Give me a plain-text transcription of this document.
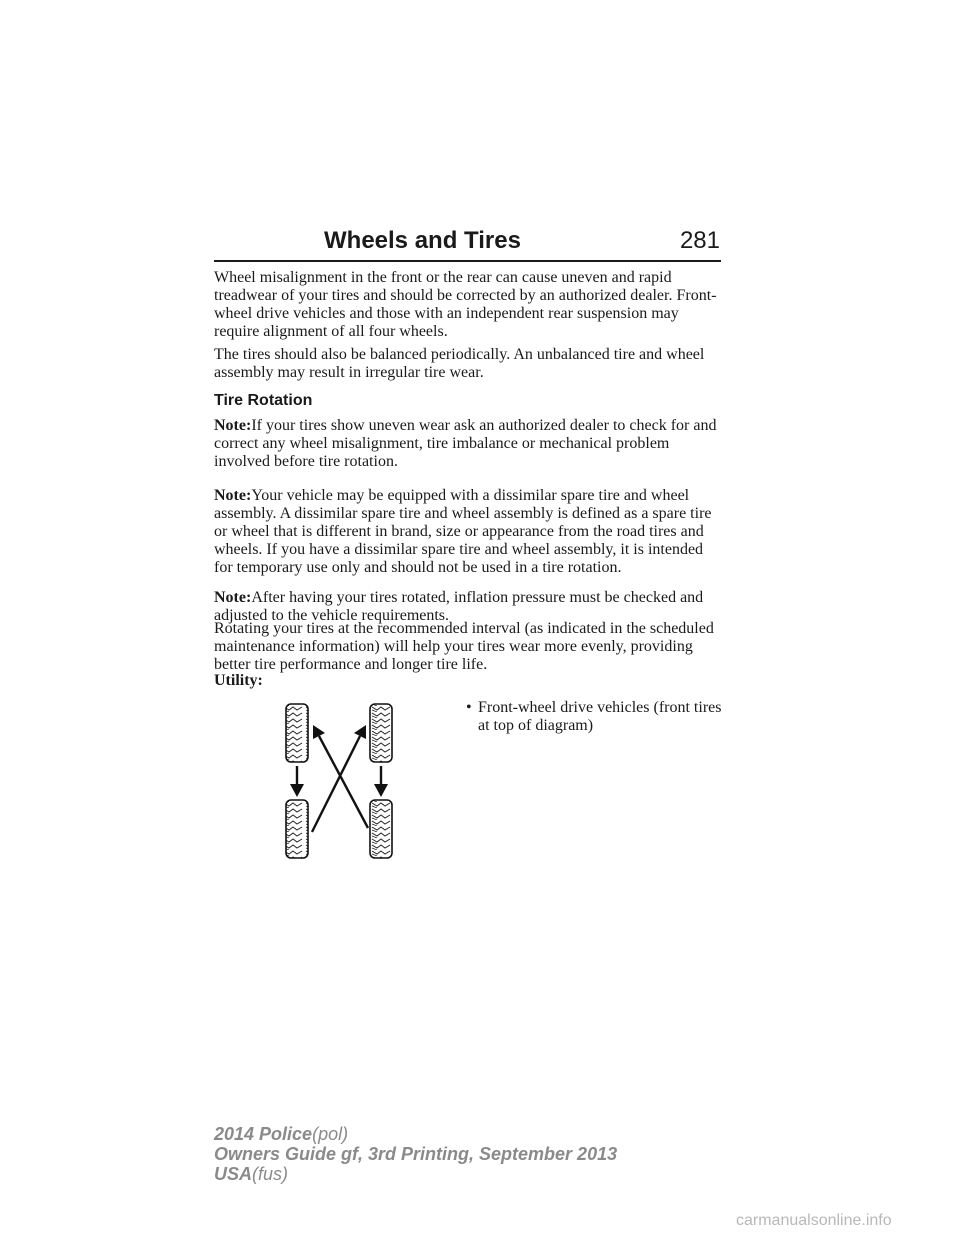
Wheels and Tires	281

Wheel misalignment in the front or the rear can cause uneven and rapid treadwear of your tires and should be corrected by an authorized dealer. Front-wheel drive vehicles and those with an independent rear suspension may require alignment of all four wheels.

The tires should also be balanced periodically. An unbalanced tire and wheel assembly may result in irregular tire wear.

Tire Rotation

Note:If your tires show uneven wear ask an authorized dealer to check for and correct any wheel misalignment, tire imbalance or mechanical problem involved before tire rotation.

Note:Your vehicle may be equipped with a dissimilar spare tire and wheel assembly. A dissimilar spare tire and wheel assembly is defined as a spare tire or wheel that is different in brand, size or appearance from the road tires and wheels. If you have a dissimilar spare tire and wheel assembly, it is intended for temporary use only and should not be used in a tire rotation.

Note:After having your tires rotated, inflation pressure must be checked and adjusted to the vehicle requirements.

Rotating your tires at the recommended interval (as indicated in the scheduled maintenance information) will help your tires wear more evenly, providing better tire performance and longer tire life.

Utility:
• Front-wheel drive vehicles (front tires at top of diagram)
2014 Police(pol)
Owners Guide gf, 3rd Printing, September 2013
USA(fus)
carmanualsonline.info
